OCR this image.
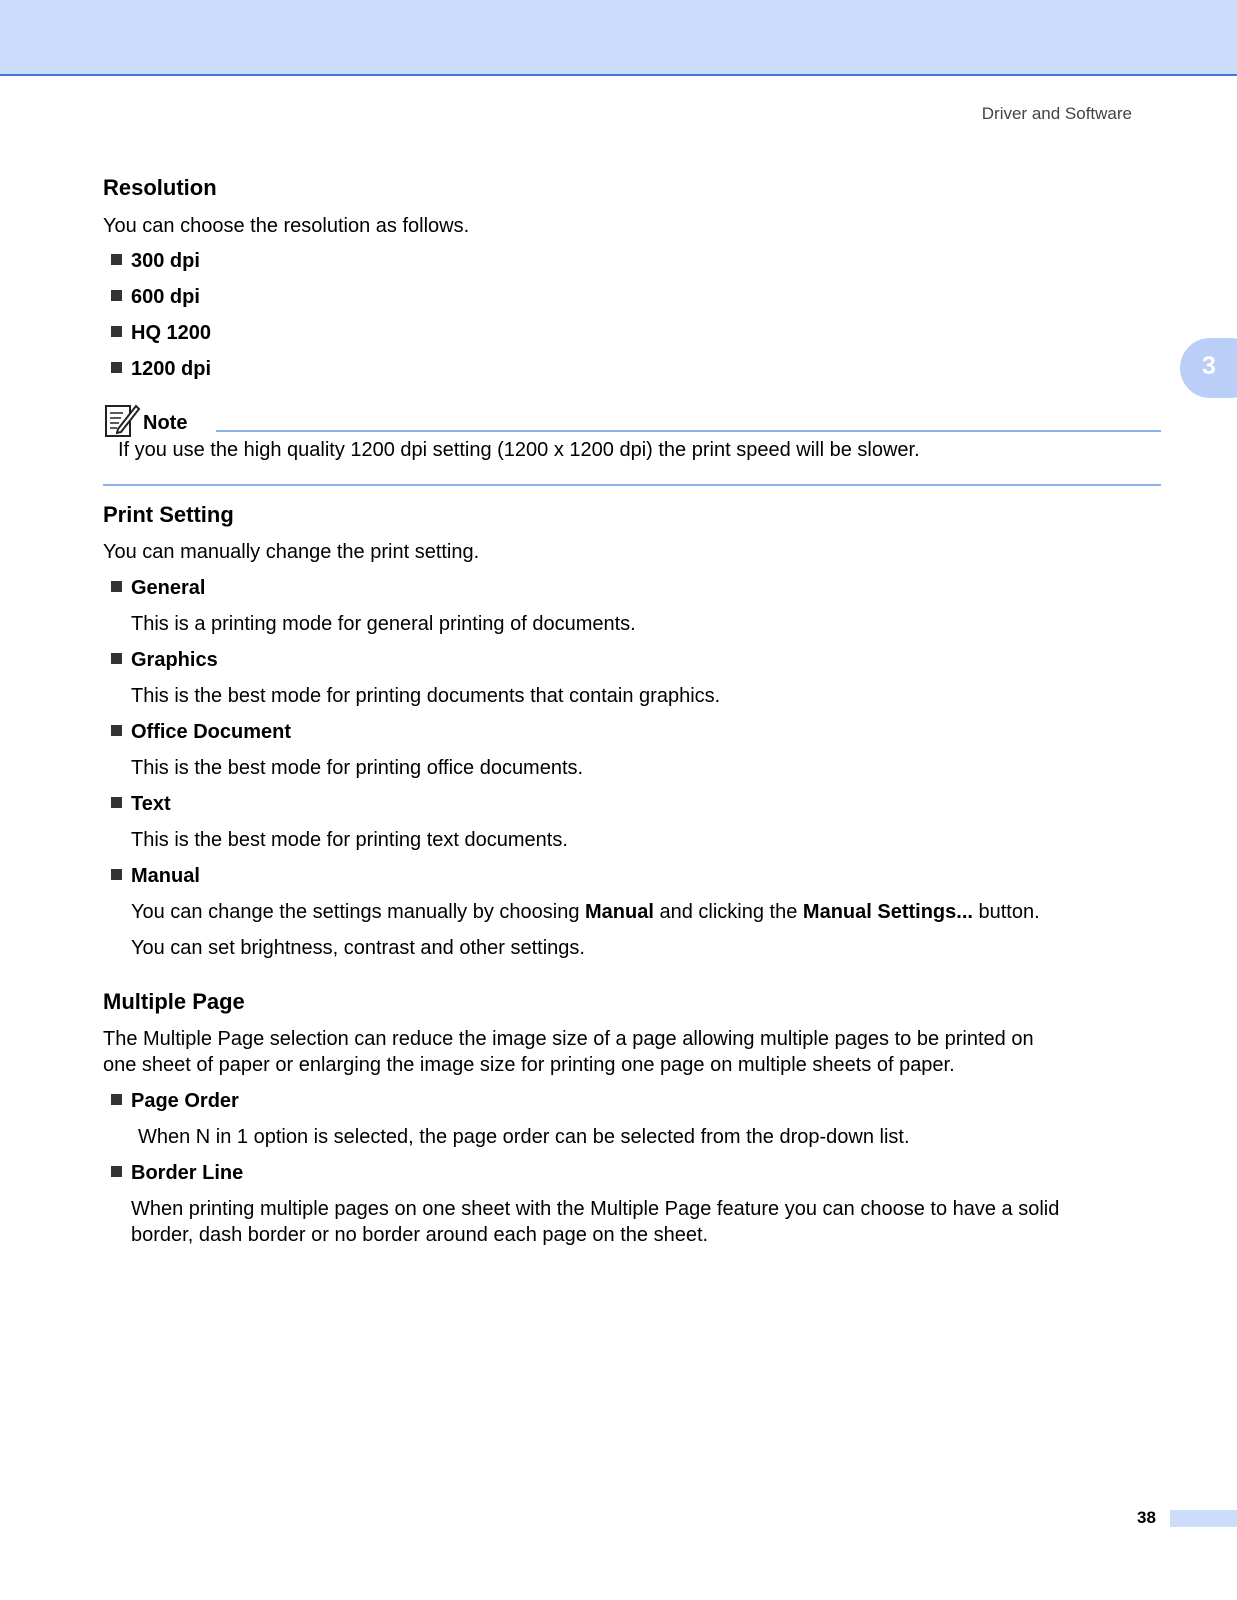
Driver and Software
3
Resolution

You can choose the resolution as follows.

300 dpi
600 dpi
HQ 1200
1200 dpi
Note

If you use the high quality 1200 dpi setting (1200 x 1200 dpi) the print speed will be slower.

Print Setting

You can manually change the print setting.

General

This is a printing mode for general printing of documents.

Graphics

This is the best mode for printing documents that contain graphics.

Office Document

This is the best mode for printing office documents.

Text

This is the best mode for printing text documents.

Manual

You can change the settings manually by choosing Manual and clicking the Manual Settings... button.

You can set brightness, contrast and other settings.

Multiple Page

The Multiple Page selection can reduce the image size of a page allowing multiple pages to be printed on

one sheet of paper or enlarging the image size for printing one page on multiple sheets of paper.

Page Order

When N in 1 option is selected, the page order can be selected from the drop-down list.

Border Line

When printing multiple pages on one sheet with the Multiple Page feature you can choose to have a solid

border, dash border or no border around each page on the sheet.

38
